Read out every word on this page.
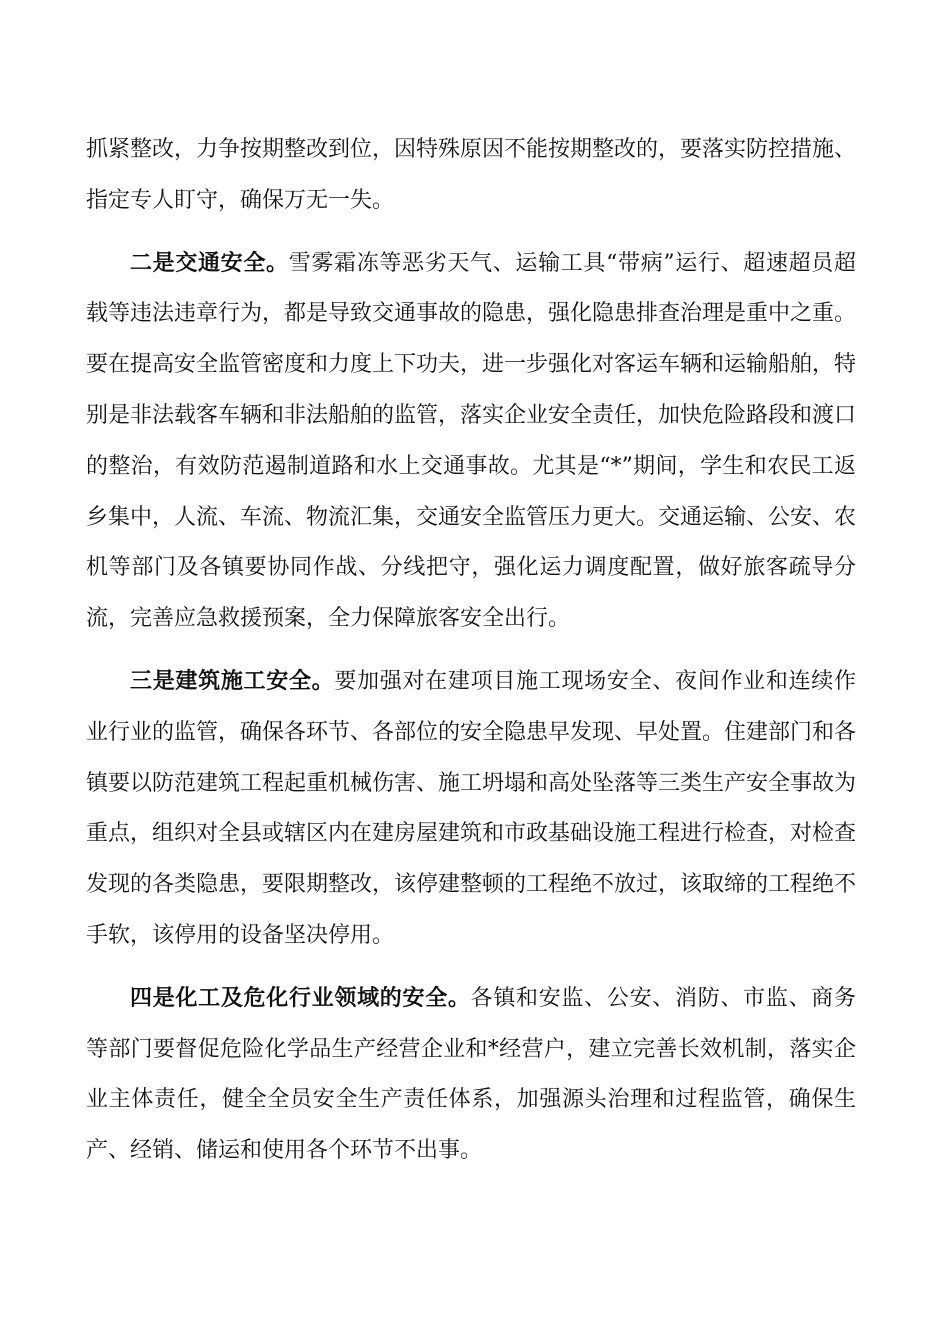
抓紧整改，力争按期整改到位，因特殊原因不能按期整改的，要落实防控措施、指定专人盯守，确保万无一失。

二是交通安全。雪雾霜冻等恶劣天气、运输工具“带病”运行、超速超员超载等违法违章行为，都是导致交通事故的隐患，强化隐患排查治理是重中之重。要在提高安全监管密度和力度上下功夫，进一步强化对客运车辆和运输船舶，特别是非法载客车辆和非法船舶的监管，落实企业安全责任，加快危险路段和渡口的整治，有效防范遏制道路和水上交通事故。尤其是“*”期间，学生和农民工返乡集中，人流、车流、物流汇集，交通安全监管压力更大。交通运输、公安、农机等部门及各镇要协同作战、分线把守，强化运力调度配置，做好旅客疏导分流，完善应急救援预案，全力保障旅客安全出行。

三是建筑施工安全。要加强对在建项目施工现场安全、夜间作业和连续作业行业的监管，确保各环节、各部位的安全隐患早发现、早处置。住建部门和各镇要以防范建筑工程起重机械伤害、施工坍塌和高处坠落等三类生产安全事故为重点，组织对全县或辖区内在建房屋建筑和市政基础设施工程进行检查，对检查发现的各类隐患，要限期整改，该停建整顿的工程绝不放过，该取缔的工程绝不手软，该停用的设备坚决停用。

四是化工及危化行业领域的安全。各镇和安监、公安、消防、市监、商务等部门要督促危险化学品生产经营企业和*经营户，建立完善长效机制，落实企业主体责任，健全全员安全生产责任体系，加强源头治理和过程监管，确保生产、经销、储运和使用各个环节不出事。
